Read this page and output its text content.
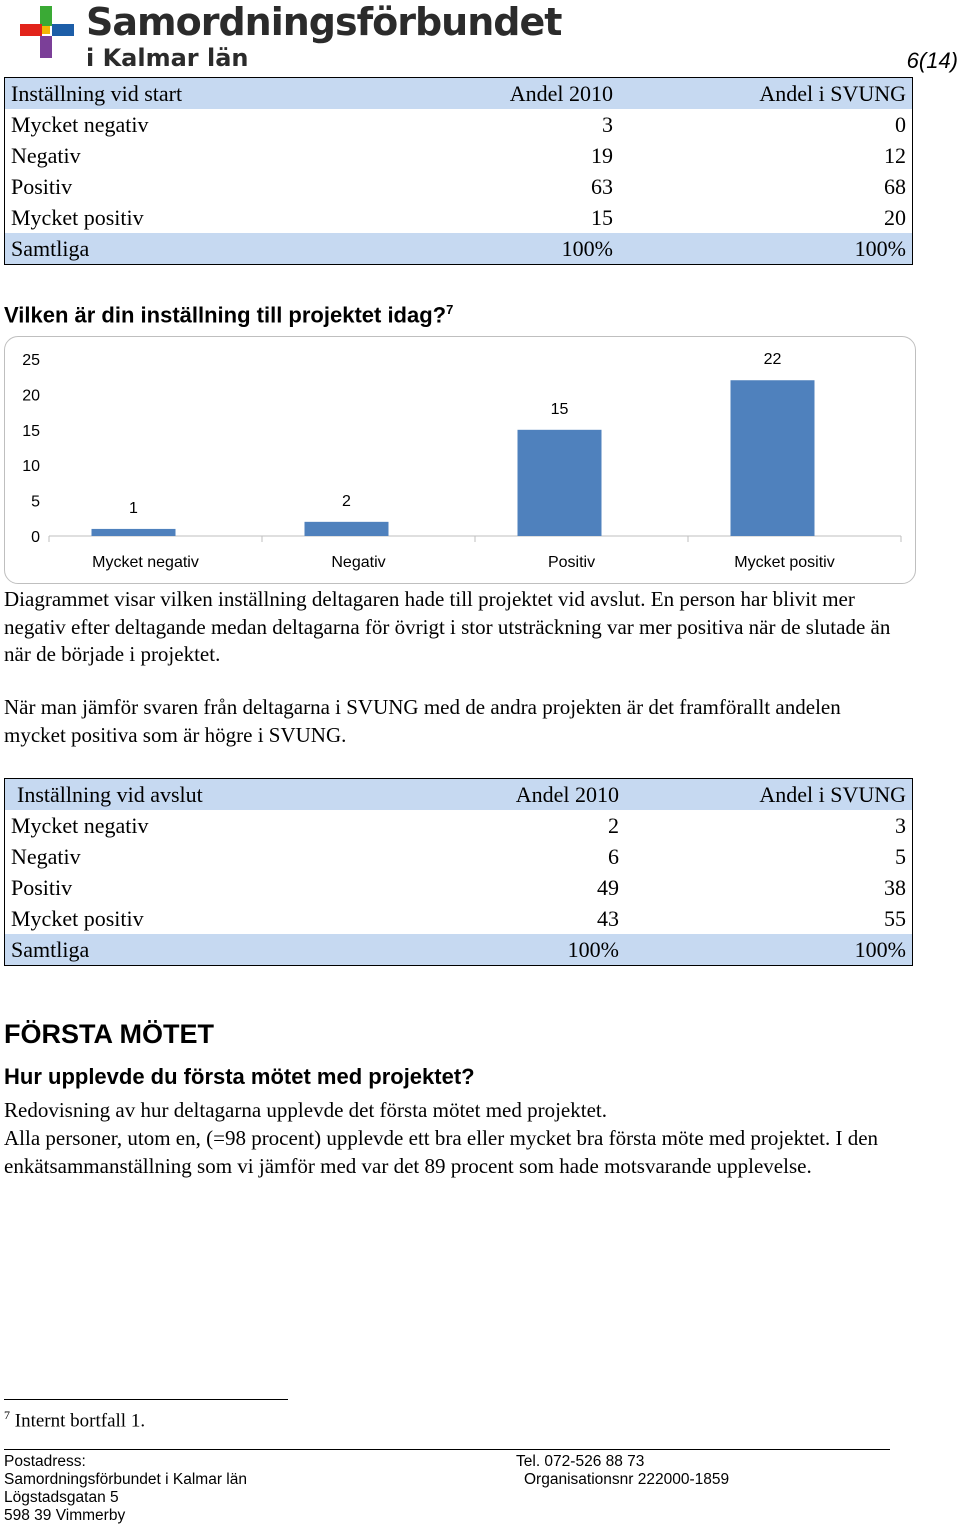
Samordningsförbundet
i Kalmar län	6(14)
Inställning vid start	Andel 2010	Andel i SVUNG
Mycket negativ	3	0
Negativ	19	12
Positiv	63	68
Mycket positiv	15	20
Samtliga	100%	100%
Vilken är din inställning till projektet idag?$^7$
0
5
10
15
20
25
1
Mycket negativ
2
Negativ
15
Positiv
22
Mycket positiv
Diagrammet visar vilken inställning deltagaren hade till projektet vid avslut. En person har blivit mer negativ efter deltagande medan deltagarna för övrigt i stor utsträckning var mer positiva när de slutade än när de började i projektet.
När man jämför svaren från deltagarna i SVUNG med de andra projekten är det framförallt andelen mycket positiva som är högre i SVUNG.
Inställning vid avslut	Andel 2010	Andel i SVUNG
Mycket negativ	2	3
Negativ	6	5
Positiv	49	38
Mycket positiv	43	55
Samtliga	100%	100%
FÖRSTA MÖTET
Hur upplevde du första mötet med projektet?
Redovisning av hur deltagarna upplevde det första mötet med projektet.
Alla personer, utom en, (=98 procent) upplevde ett bra eller mycket bra första möte med projektet. I den enkätsammanställning som vi jämför med var det 89 procent som hade motsvarande upplevelse.
$^7$ Internt bortfall 1.
Postadress:
Samordningsförbundet i Kalmar län
Lögstadsgatan 5
598 39 Vimmerby
Tel. 072-526 88 73
Organisationsnr 222000-1859
